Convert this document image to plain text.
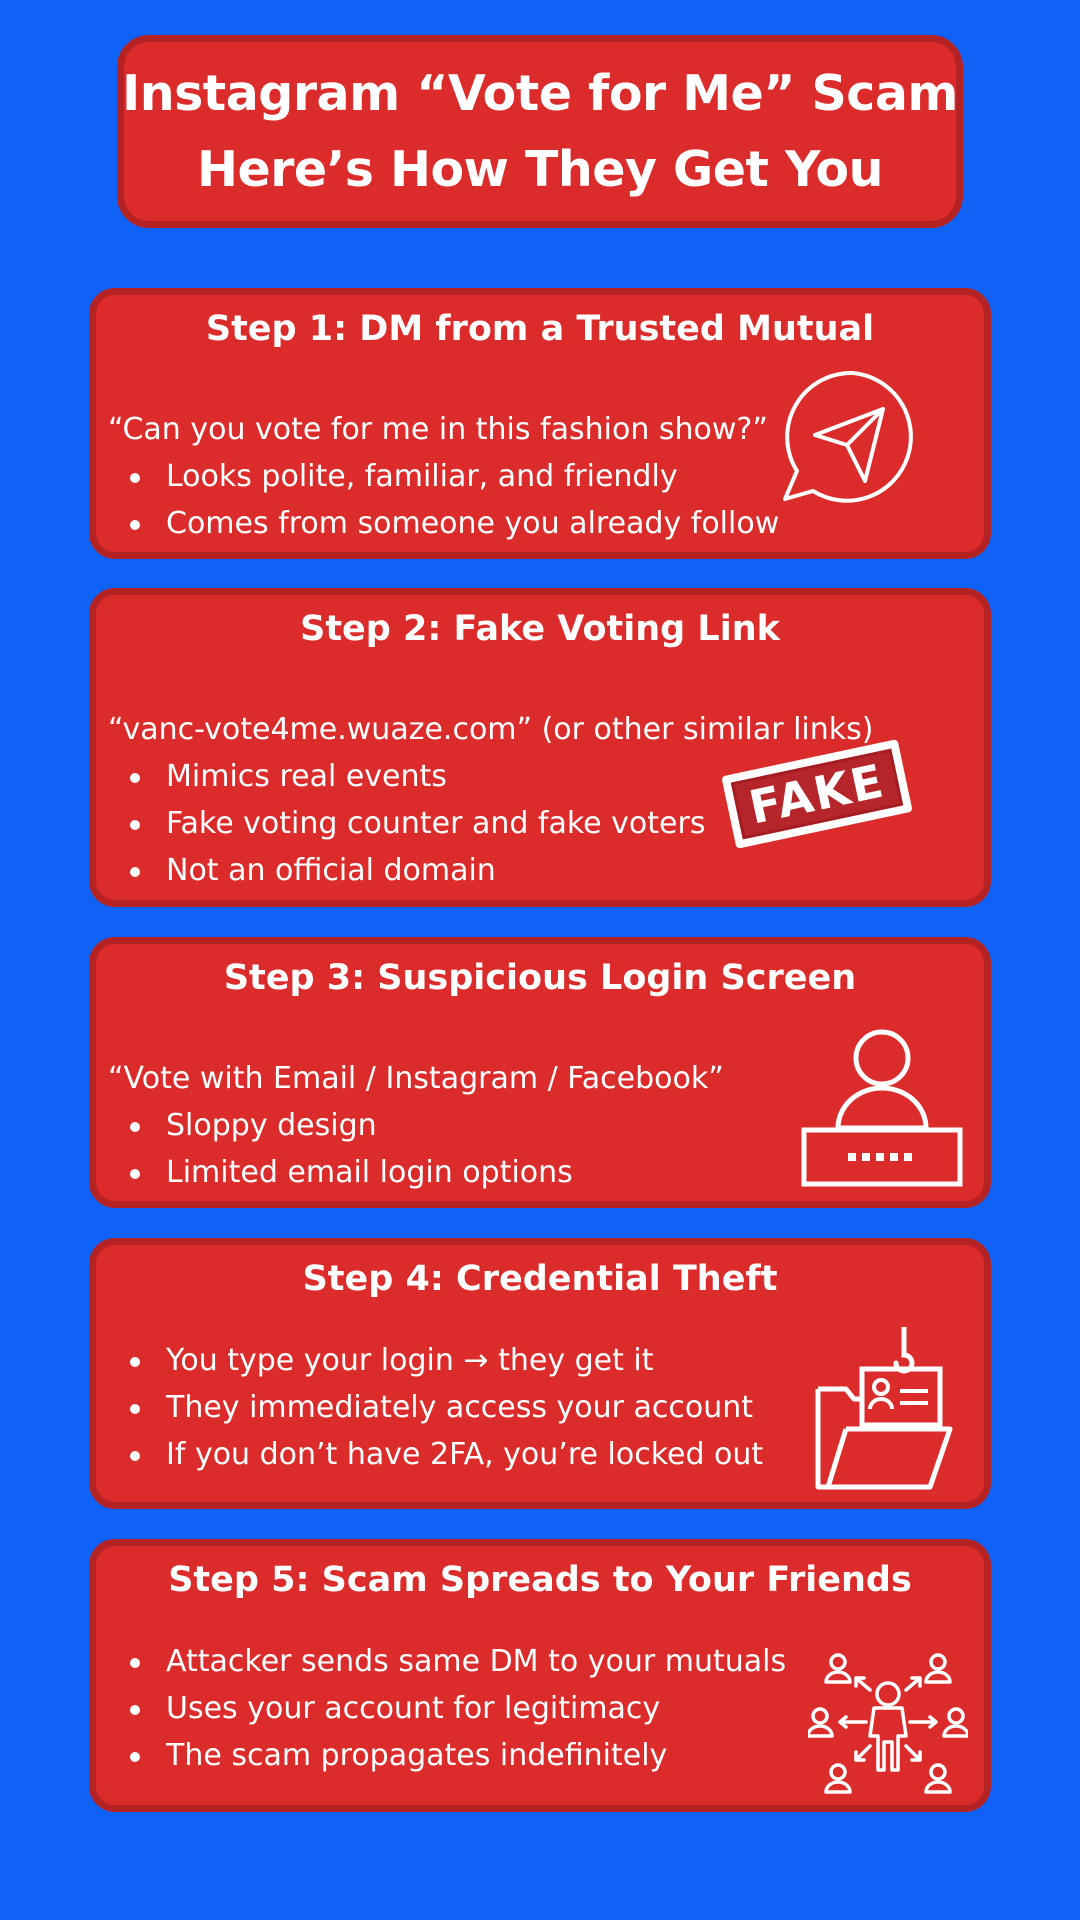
Instagram “Vote for Me” Scam
Here’s How They Get You
Step 1: DM from a Trusted Mutual
“Can you vote for me in this fashion show?”
Looks polite, familiar, and friendly
Comes from someone you already follow
Step 2: Fake Voting Link
“vanc-vote4me.wuaze.com” (or other similar links)
Mimics real events
Fake voting counter and fake voters
Not an official domain
FAKE
Step 3: Suspicious Login Screen
“Vote with Email / Instagram / Facebook”
Sloppy design
Limited email login options
Step 4: Credential Theft
You type your login → they get it
They immediately access your account
If you don’t have 2FA, you’re locked out
Step 5: Scam Spreads to Your Friends
Attacker sends same DM to your mutuals
Uses your account for legitimacy
The scam propagates indefinitely
